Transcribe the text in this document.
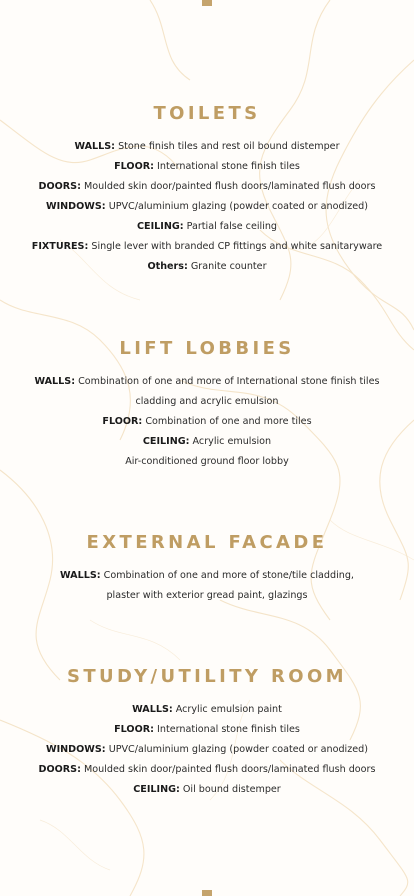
TOILETS
WALLS: Stone finish tiles and rest oil bound distemper
FLOOR: International stone finish tiles
DOORS: Moulded skin door/painted flush doors/laminated flush doors
WINDOWS: UPVC/aluminium glazing (powder coated or anodized)
CEILING: Partial false ceiling
FIXTURES: Single lever with branded CP fittings and white sanitaryware
Others: Granite counter
LIFT LOBBIES
WALLS: Combination of one and more of International stone finish tiles
cladding and acrylic emulsion
FLOOR: Combination of one and more tiles
CEILING: Acrylic emulsion
Air-conditioned ground floor lobby
EXTERNAL FACADE
WALLS: Combination of one and more of stone/tile cladding,
plaster with exterior gread paint, glazings
STUDY/UTILITY ROOM
WALLS: Acrylic emulsion paint
FLOOR: International stone finish tiles
WINDOWS: UPVC/aluminium glazing (powder coated or anodized)
DOORS: Moulded skin door/painted flush doors/laminated flush doors
CEILING: Oil bound distemper
